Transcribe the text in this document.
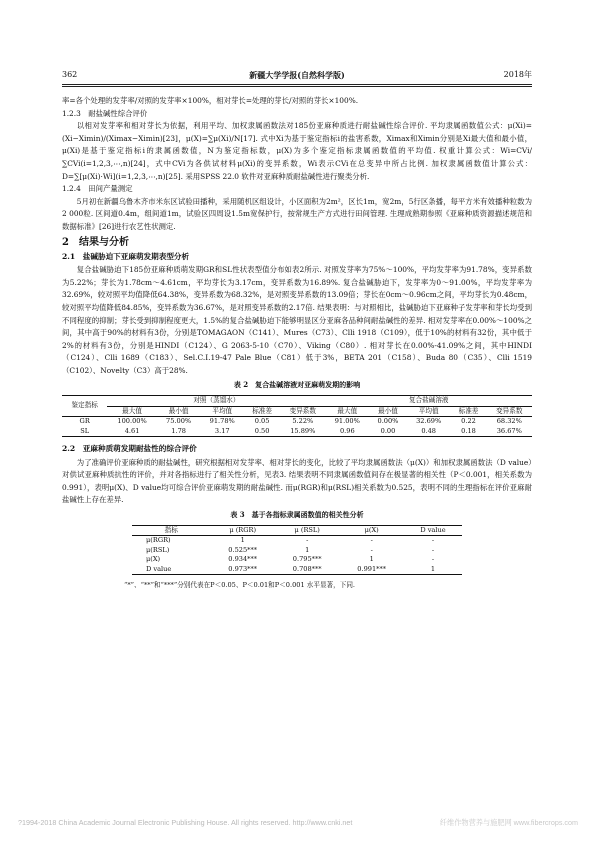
362	新疆大学学报(自然科学版)	2018年

率=各个处理的发芽率/对照的发芽率×100%，相对芽长=处理的芽长/对照的芽长×100%.

1.2.3　耐盐碱性综合评价

以相对发芽率和相对芽长为依据，利用平均、加权隶属函数法对185份亚麻种质进行耐盐碱性综合评价. 平均隶属函数值公式：μ(Xi)=(Xi−Ximin)/(Ximax−Ximin)[23]，μ(X)=∑μ(Xi)/N[17]. 式中Xi为基于鉴定指标i的盐害系数，Ximax和Ximin分别是Xi最大值和最小值，μ(Xi)是基于鉴定指标i的隶属函数值，N为鉴定指标数，μ(X)为多个鉴定指标隶属函数值的平均值. 权重计算公式：Wi=CVi/∑CVi(i=1,2,3,⋯,n)[24]，式中CVi为各供试材料μ(Xi)的变异系数，Wi表示CVi在总变异中所占比例. 加权隶属函数值计算公式：D=∑[μ(Xi)·Wi](i=1,2,3,⋯,n)[25]. 采用SPSS 22.0 软件对亚麻种质耐盐碱性进行聚类分析.

1.2.4　田间产量测定

5月初在新疆乌鲁木齐市米东区试验田播种，采用随机区组设计，小区面积为2m²，区长1m，宽2m，5行区条播，每平方米有效播种粒数为2 000粒. 区间道0.4m，组间道1m，试验区四周设1.5m宽保护行，按常规生产方式进行田间管理. 生理成熟期参照《亚麻种质资源描述规范和数据标准》[26]进行农艺性状测定.

2　结果与分析
2.1　盐碱胁迫下亚麻萌发期表型分析

复合盐碱胁迫下185份亚麻种质萌发期GR和SL性状表型值分布如表2所示. 对照发芽率为75%～100%，平均发芽率为91.78%，变异系数为5.22%；芽长为1.78cm～4.61cm，平均芽长为3.17cm，变异系数为16.89%. 复合盐碱胁迫下，发芽率为0～91.00%，平均发芽率为32.69%，较对照平均值降低64.38%，变异系数为68.32%，是对照变异系数的13.09倍；芽长在0cm～0.96cm之间，平均芽长为0.48cm，较对照平均值降低84.85%，变异系数为36.67%，是对照变异系数的2.17倍. 结果表明：与对照相比，盐碱胁迫下亚麻种子发芽率和芽长均受到不同程度的抑制；芽长受到抑制程度更大，1.5%的复合盐碱胁迫下能够明显区分亚麻各品种间耐盐碱性的差异. 相对发芽率在0.00%～100%之间，其中高于90%的材料有3份，分别是TOMAGAON（C141）、Mures（C73）、Clli 1918（C109），低于10%的材料有32份，其中低于2%的材料有3份，分别是HINDI（C124）、G 2063-5-10（C70）、Viking（C80）. 相对芽长在0.00%-41.09%之间，其中HINDI（C124）、Clli 1689（C183）、Sel.C.I.19-47 Pale Blue（C81）低于3%，BETA 201（C158）、Buda 80（C35）、Clli 1519（C102）、Novelty（C3）高于28%.

表 2　复合盐碱溶液对亚麻萌发期的影响
鉴定指标	对照（蒸馏水）					复合盐碱溶液				
	最大值	最小值	平均值	标准差	变异系数	最大值	最小值	平均值	标准差	变异系数
GR	100.00%	75.00%	91.78%	0.05	5.22%	91.00%	0.00%	32.69%	0.22	68.32%
SL	4.61	1.78	3.17	0.50	15.89%	0.96	0.00	0.48	0.18	36.67%
2.2　亚麻种质萌发期耐盐性的综合评价

为了准确评价亚麻种质的耐盐碱性，研究根据相对发芽率、相对芽长的变化，比较了平均隶属函数法（μ(X)）和加权隶属函数法（D value）对供试亚麻种质抗性的评价，并对各指标进行了相关性分析，见表3. 结果表明不同隶属函数值间存在极显著的相关性（P＜0.001，相关系数为0.991），表明μ(X)、D value均可综合评价亚麻萌发期的耐盐碱性. 而μ(RGR)和μ(RSL)相关系数为0.525，表明不同的生理指标在评价亚麻耐盐碱性上存在差异.

表 3　基于各指标隶属函数值的相关性分析
指标	μ (RGR)	μ (RSL)	μ(X)	D value
μ(RGR)	1	-	-	-
μ(RSL)	0.525***	1	-	-
μ(X)	0.934***	0.795***	1	-
D value	0.973***	0.708***	0.991***	1
“*”、“**”和“***”分别代表在P＜0.05、P＜0.01和P＜0.001 水平显著，下同.
?1994-2018 China Academic Journal Electronic Publishing House. All rights reserved. http://www.cnki.net	纤维作物营养与施肥网 www.fibercrops.com
